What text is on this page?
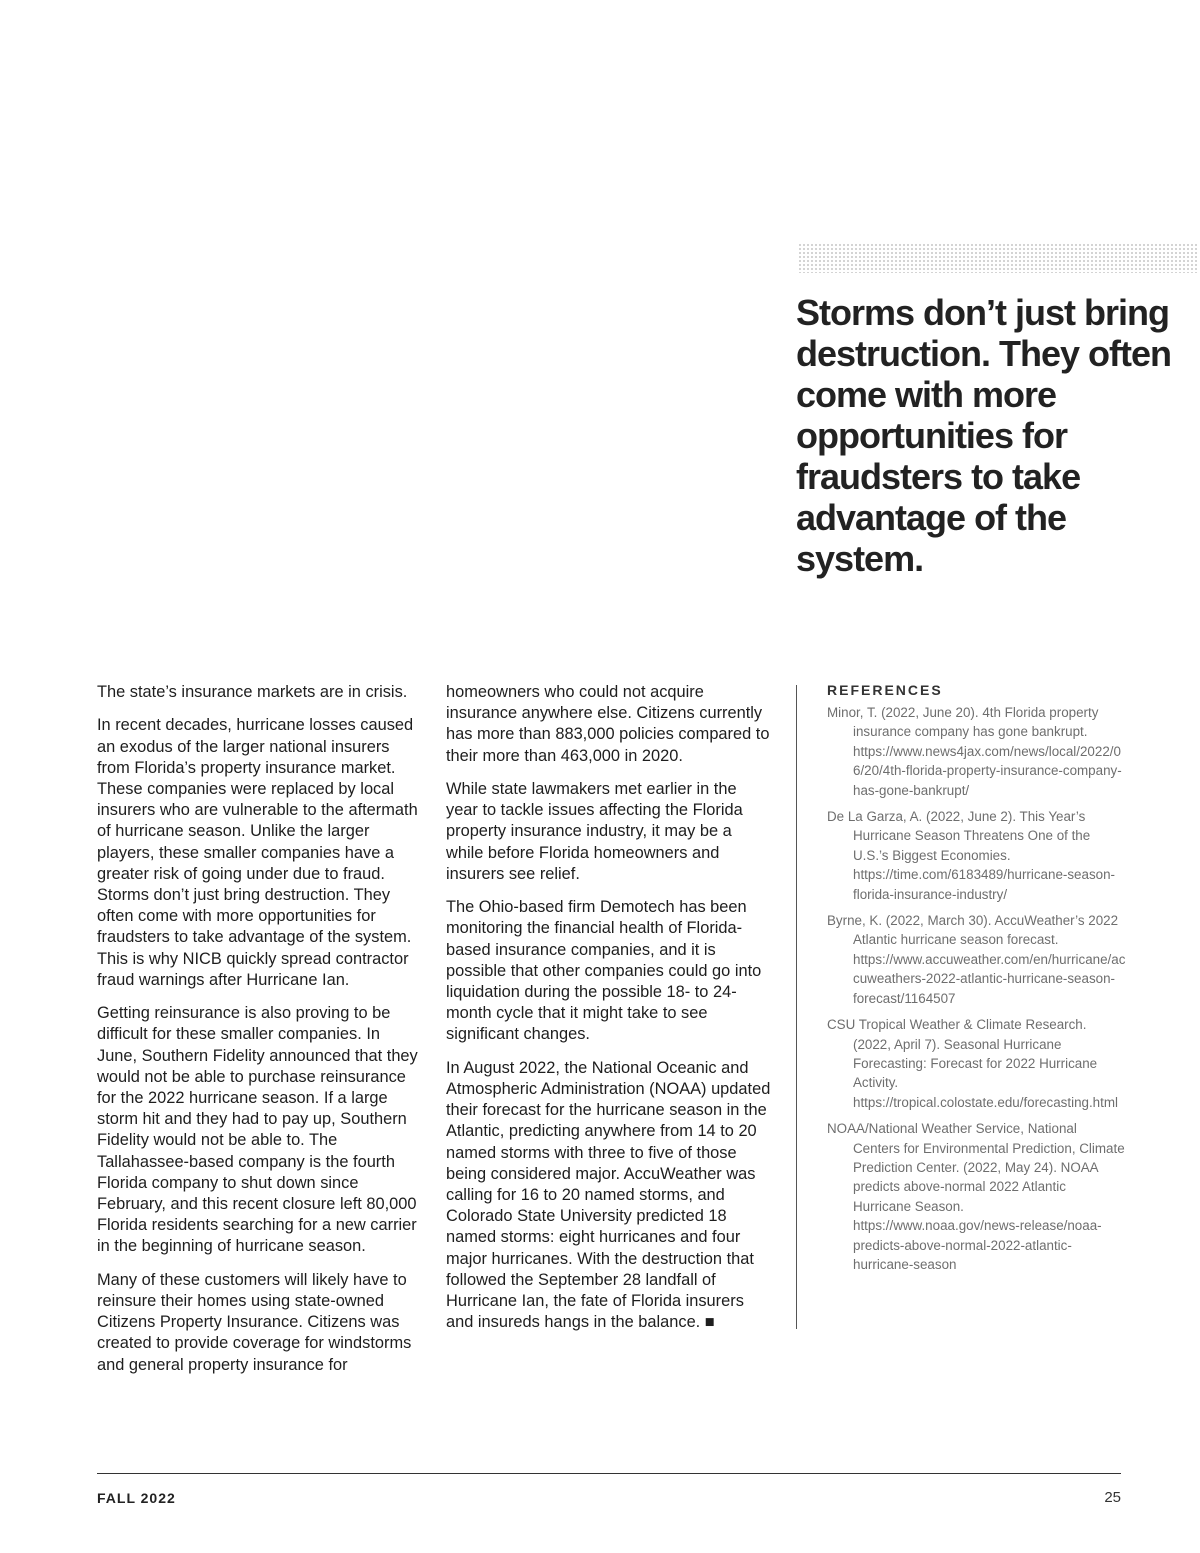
Storms don’t just bring destruction. They often come with more opportunities for fraudsters to take advantage of the system.

The state’s insurance markets are in crisis.

In recent decades, hurricane losses caused an exodus of the larger national insurers from Florida’s property insurance market. These companies were replaced by local insurers who are vulnerable to the aftermath of hurricane season. Unlike the larger players, these smaller companies have a greater risk of going under due to fraud. Storms don’t just bring destruction. They often come with more opportunities for fraudsters to take advantage of the system. This is why NICB quickly spread contractor fraud warnings after Hurricane Ian.

Getting reinsurance is also proving to be difficult for these smaller companies. In June, Southern Fidelity announced that they would not be able to purchase reinsurance for the 2022 hurricane season. If a large storm hit and they had to pay up, Southern Fidelity would not be able to. The Tallahassee-based company is the fourth Florida company to shut down since February, and this recent closure left 80,000 Florida residents searching for a new carrier in the beginning of hurricane season.

Many of these customers will likely have to reinsure their homes using state-owned Citizens Property Insurance. Citizens was created to provide coverage for windstorms and general property insurance for

homeowners who could not acquire insurance anywhere else. Citizens currently has more than 883,000 policies compared to their more than 463,000 in 2020.

While state lawmakers met earlier in the year to tackle issues affecting the Florida property insurance industry, it may be a while before Florida homeowners and insurers see relief.

The Ohio-based firm Demotech has been monitoring the financial health of Florida-based insurance companies, and it is possible that other companies could go into liquidation during the possible 18- to 24-month cycle that it might take to see significant changes.

In August 2022, the National Oceanic and Atmospheric Administration (NOAA) updated their forecast for the hurricane season in the Atlantic, predicting anywhere from 14 to 20 named storms with three to five of those being considered major. AccuWeather was calling for 16 to 20 named storms, and Colorado State University predicted 18 named storms: eight hurricanes and four major hurricanes. With the destruction that followed the September 28 landfall of Hurricane Ian, the fate of Florida insurers and insureds hangs in the balance. ■

REFERENCES
Minor, T. (2022, June 20). 4th Florida property insurance company has gone bankrupt. https://www.news4jax.com/news/local/2022/06/20/4th-florida-property-insurance-company-has-gone-bankrupt/
De La Garza, A. (2022, June 2). This Year’s Hurricane Season Threatens One of the U.S.’s Biggest Economies. https://time.com/6183489/hurricane-season-florida-insurance-industry/
Byrne, K. (2022, March 30). AccuWeather’s 2022 Atlantic hurricane season forecast. https://www.accuweather.com/en/hurricane/accuweathers-2022-atlantic-hurricane-season-forecast/1164507
CSU Tropical Weather & Climate Research. (2022, April 7). Seasonal Hurricane Forecasting: Forecast for 2022 Hurricane Activity. https://tropical.colostate.edu/forecasting.html
NOAA/National Weather Service, National Centers for Environmental Prediction, Climate Prediction Center. (2022, May 24). NOAA predicts above-normal 2022 Atlantic Hurricane Season. https://www.noaa.gov/news-release/noaa-predicts-above-normal-2022-atlantic-hurricane-season
FALL 2022	25
